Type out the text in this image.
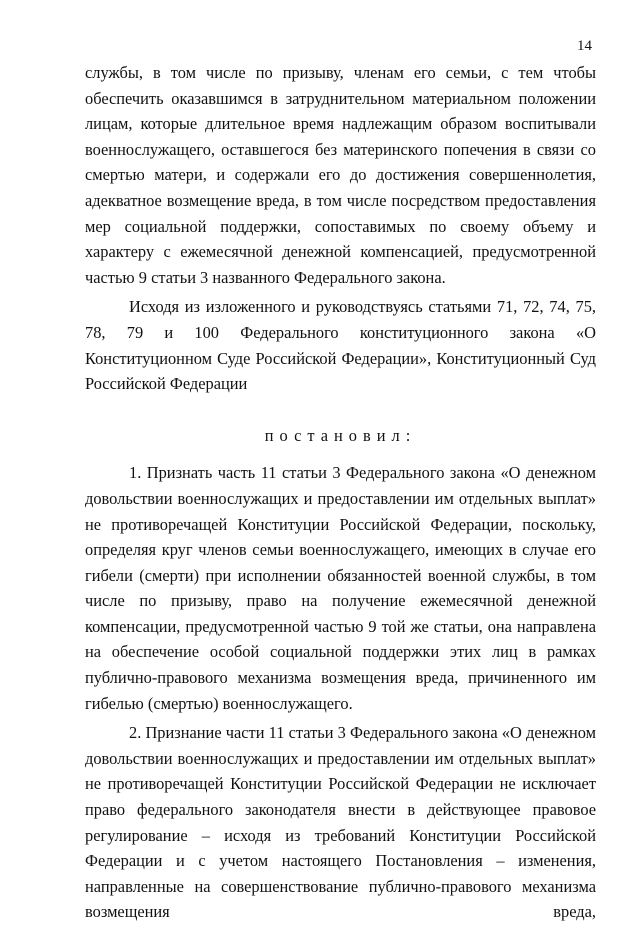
14

службы, в том числе по призыву, членам его семьи, с тем чтобы обеспечить оказавшимся в затруднительном материальном положении лицам, которые длительное время надлежащим образом воспитывали военнослужащего, оставшегося без материнского попечения в связи со смертью матери, и содержали его до достижения совершеннолетия, адекватное возмещение вреда, в том числе посредством предоставления мер социальной поддержки, сопоставимых по своему объему и характеру с ежемесячной денежной компенсацией, предусмотренной частью 9 статьи 3 названного Федерального закона.

Исходя из изложенного и руководствуясь статьями 71, 72, 74, 75, 78, 79 и 100 Федерального конституционного закона «О Конституционном Суде Российской Федерации», Конституционный Суд Российской Федерации

постановил:

1. Признать часть 11 статьи 3 Федерального закона «О денежном довольствии военнослужащих и предоставлении им отдельных выплат» не противоречащей Конституции Российской Федерации, поскольку, определяя круг членов семьи военнослужащего, имеющих в случае его гибели (смерти) при исполнении обязанностей военной службы, в том числе по призыву, право на получение ежемесячной денежной компенсации, предусмотренной частью 9 той же статьи, она направлена на обеспечение особой социальной поддержки этих лиц в рамках публично-правового механизма возмещения вреда, причиненного им гибелью (смертью) военнослужащего.

2. Признание части 11 статьи 3 Федерального закона «О денежном довольствии военнослужащих и предоставлении им отдельных выплат» не противоречащей Конституции Российской Федерации не исключает право федерального законодателя внести в действующее правовое регулирование – исходя из требований Конституции Российской Федерации и с учетом настоящего Постановления – изменения, направленные на совершенствование публично-правового механизма возмещения вреда,
